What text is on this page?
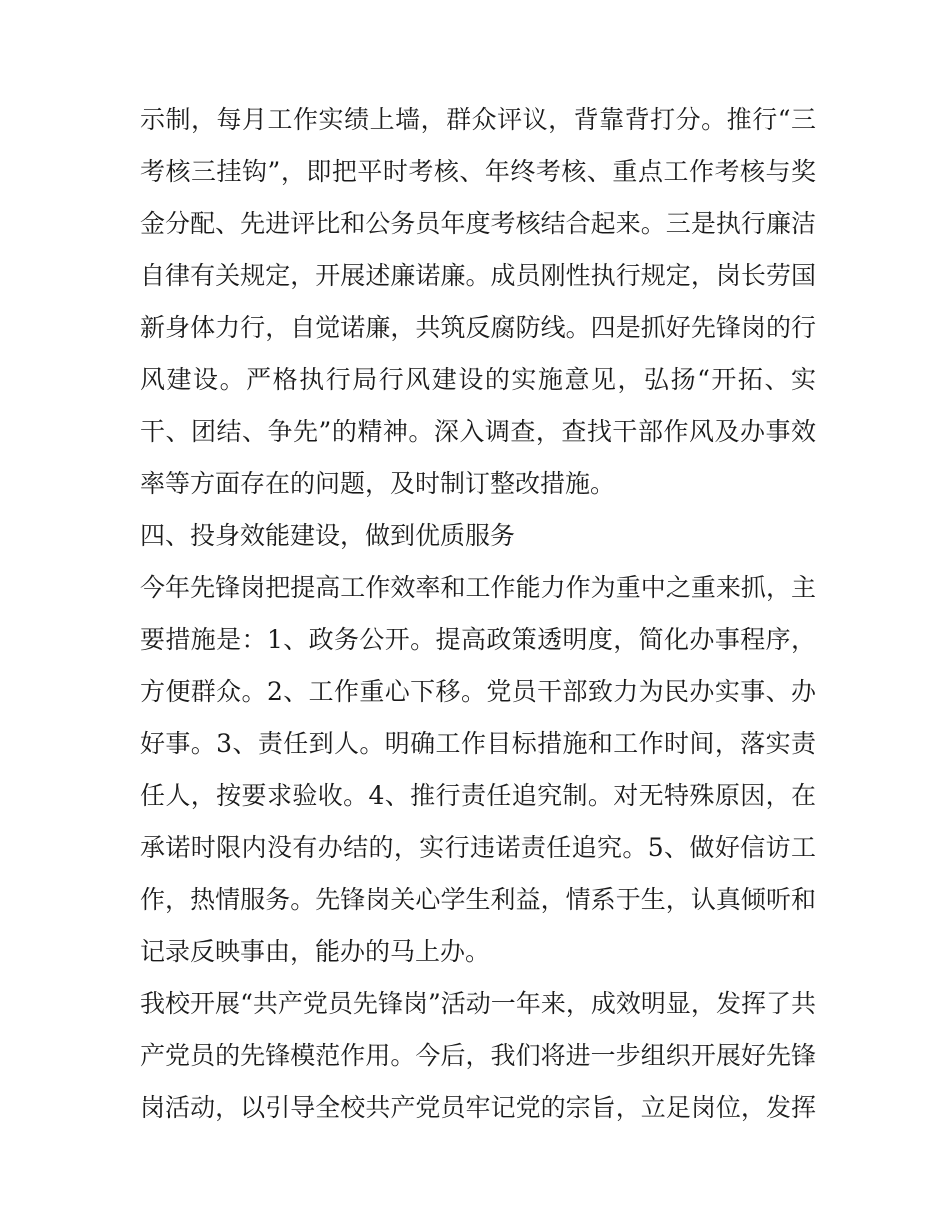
示制，每月工作实绩上墙，群众评议，背靠背打分。推行“三
考核三挂钩”，即把平时考核、年终考核、重点工作考核与奖
金分配、先进评比和公务员年度考核结合起来。三是执行廉洁
自律有关规定，开展述廉诺廉。成员刚性执行规定，岗长劳国
新身体力行，自觉诺廉，共筑反腐防线。四是抓好先锋岗的行
风建设。严格执行局行风建设的实施意见，弘扬“开拓、实
干、团结、争先”的精神。深入调查，查找干部作风及办事效
率等方面存在的问题，及时制订整改措施。
四、投身效能建设，做到优质服务
今年先锋岗把提高工作效率和工作能力作为重中之重来抓，主
要措施是：1、政务公开。提高政策透明度，简化办事程序，
方便群众。2、工作重心下移。党员干部致力为民办实事、办
好事。3、责任到人。明确工作目标措施和工作时间，落实责
任人，按要求验收。4、推行责任追究制。对无特殊原因，在
承诺时限内没有办结的，实行违诺责任追究。5、做好信访工
作，热情服务。先锋岗关心学生利益，情系于生，认真倾听和
记录反映事由，能办的马上办。
我校开展“共产党员先锋岗”活动一年来，成效明显，发挥了共
产党员的先锋模范作用。今后，我们将进一步组织开展好先锋
岗活动，以引导全校共产党员牢记党的宗旨，立足岗位，发挥
